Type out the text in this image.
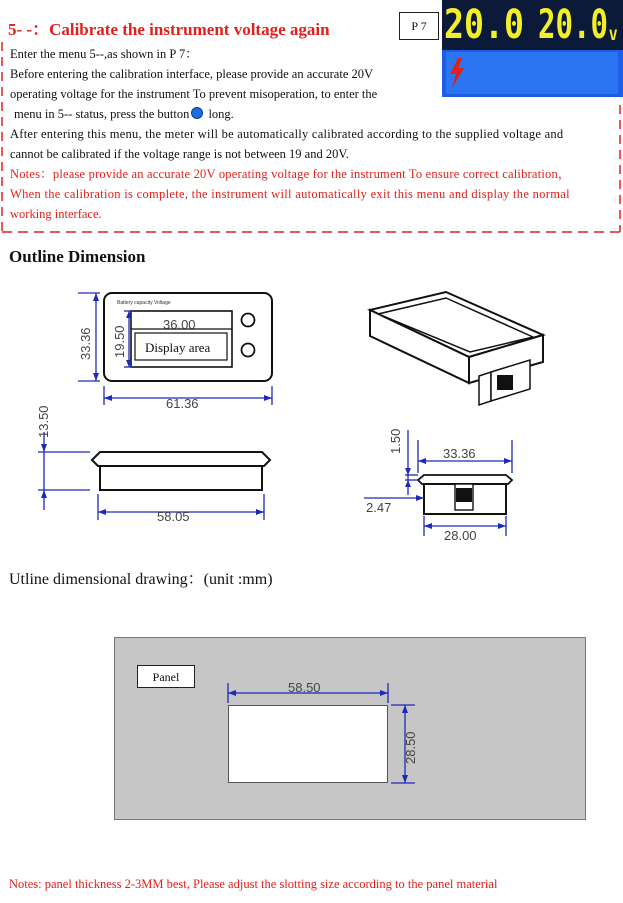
5- -：Calibrate the instrument voltage again	P 7 20.0 20.0 V
Enter the menu 5--,as shown in P 7：
Before entering the calibration interface, please provide an accurate 20V
operating voltage for the instrument To prevent misoperation, to enter the
menu in 5-- status, press the button long.
After entering this menu, the meter will be automatically calibrated according to the supplied voltage and
cannot be calibrated if the voltage range is not between 19 and 20V.
Notes：please provide an accurate 20V operating voltage for the instrument To ensure correct calibration，
When the calibration is complete, the instrument will automatically exit this menu and display the normal
working interface.
Outline Dimension
Battery capacity Voltage
36.00
Display area
61.36
33.36 19.50
13.50
58.05
33.36
1.50
2.47
28.00
Utline dimensional drawing：(unit :mm)
Panel
58.50
28.50
Notes: panel thickness 2-3MM best, Please adjust the slotting size according to the panel material
